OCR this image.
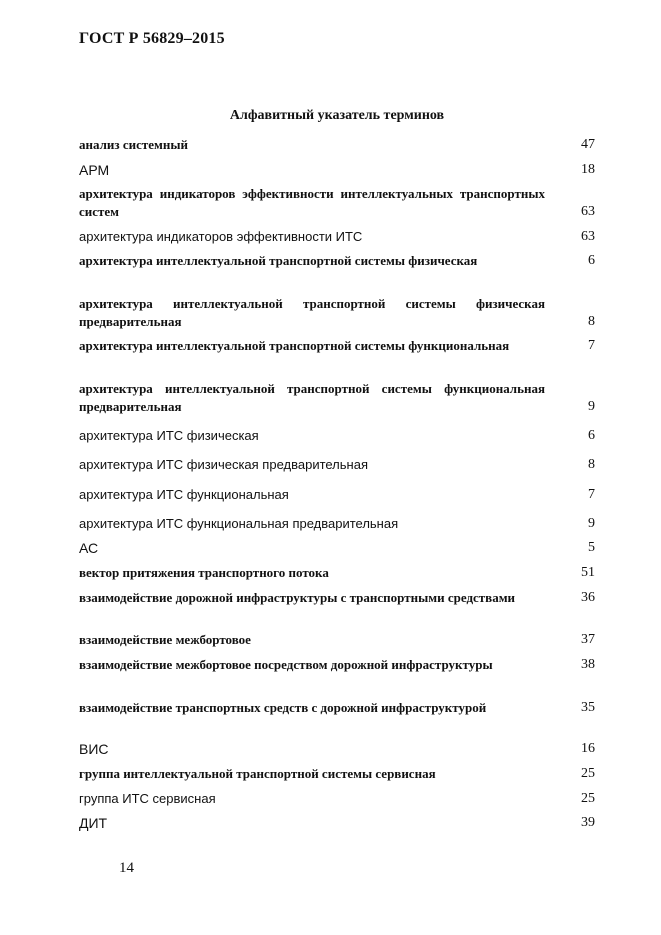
ГОСТ Р 56829–2015
Алфавитный указатель терминов
анализ системный	47
АРМ	18
архитектура индикаторов эффективности интеллектуальных транспортных систем	63
архитектура индикаторов эффективности ИТС	63
архитектура интеллектуальной транспортной системы физическая	6
архитектура интеллектуальной транспортной системы физическая предварительная	8
архитектура интеллектуальной транспортной системы функциональная	7
архитектура интеллектуальной транспортной системы функциональная предварительная	9
архитектура ИТС физическая	6
архитектура ИТС физическая предварительная	8
архитектура ИТС функциональная	7
архитектура ИТС функциональная предварительная	9
АС	5
вектор притяжения транспортного потока	51
взаимодействие дорожной инфраструктуры с транспортными средствами	36
взаимодействие межбортовое	37
взаимодействие межбортовое посредством дорожной инфраструктуры	38
взаимодействие транспортных средств с дорожной инфраструктурой	35
ВИС	16
группа интеллектуальной транспортной системы сервисная	25
группа ИТС сервисная	25
ДИТ	39
14
